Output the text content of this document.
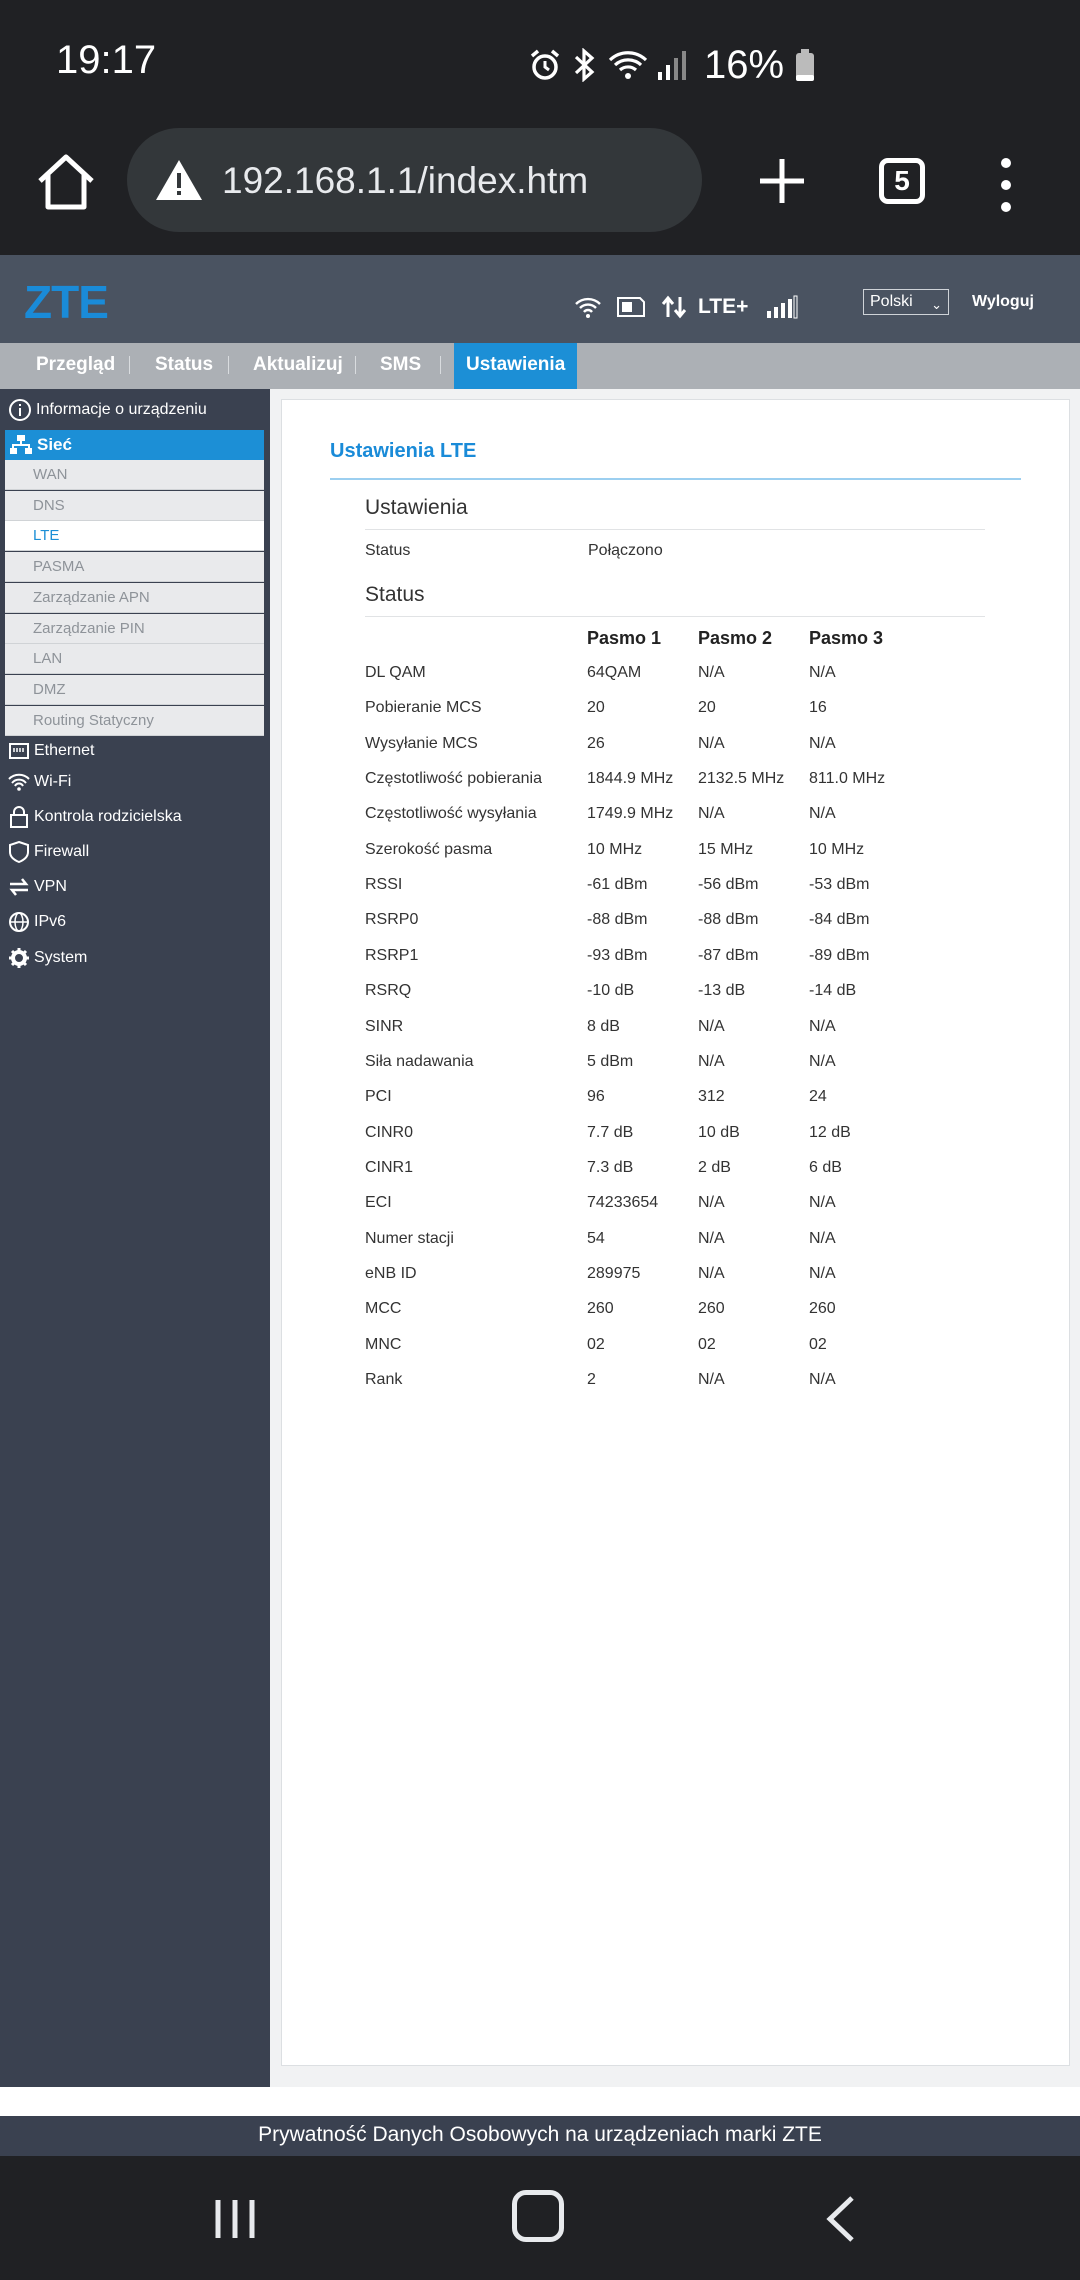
19:17	16%
192.168.1.1/index.htm	5
ZTE	LTE+	Polski ⌄ Wyloguj
Przegląd Status Aktualizuj SMS	Ustawienia
Informacje o urządzeniu
Sieć
WAN
DNS
LTE
PASMA
Zarządzanie APN
Zarządzanie PIN
LAN
DMZ
Routing Statyczny
Ethernet
Wi-Fi
Kontrola rodzicielska
Firewall
VPN
IPv6
System
Ustawienia LTE
Ustawienia
Status	Połączono
Status
Pasmo 1 Pasmo 2 Pasmo 3
DL QAM	64QAM	N/A	N/A
Pobieranie MCS	20	20	16
Wysyłanie MCS	26	N/A	N/A
Częstotliwość pobierania	1844.9 MHz 2132.5 MHz 811.0 MHz
Częstotliwość wysyłania	1749.9 MHz N/A	N/A
Szerokość pasma	10 MHz	15 MHz	10 MHz
RSSI	-61 dBm	-56 dBm	-53 dBm
RSRP0	-88 dBm	-88 dBm	-84 dBm
RSRP1	-93 dBm	-87 dBm	-89 dBm
RSRQ	-10 dB	-13 dB	-14 dB
SINR	8 dB	N/A	N/A
Siła nadawania	5 dBm	N/A	N/A
PCI	96	312	24
CINR0	7.7 dB	10 dB	12 dB
CINR1	7.3 dB	2 dB	6 dB
ECI	74233654 N/A	N/A
Numer stacji	54	N/A	N/A
eNB ID	289975	N/A	N/A
MCC	260	260	260
MNC	02	02	02
Rank	2	N/A	N/A
Prywatność Danych Osobowych na urządzeniach marki ZTE
